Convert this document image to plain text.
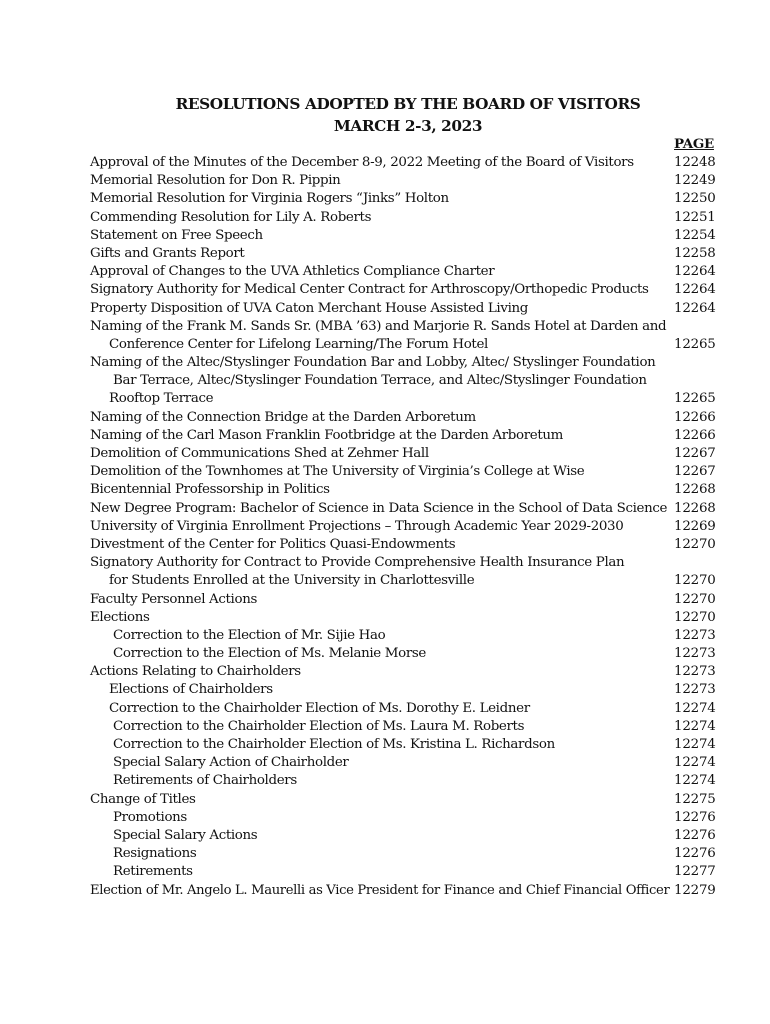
RESOLUTIONS ADOPTED BY THE BOARD OF VISITORS
MARCH 2-3, 2023
PAGE
Approval of the Minutes of the December 8-9, 2022 Meeting of the Board of Visitors	12248
Memorial Resolution for Don R. Pippin	12249
Memorial Resolution for Virginia Rogers “Jinks” Holton	12250
Commending Resolution for Lily A. Roberts	12251
Statement on Free Speech	12254
Gifts and Grants Report	12258
Approval of Changes to the UVA Athletics Compliance Charter	12264
Signatory Authority for Medical Center Contract for Arthroscopy/Orthopedic Products 12264
Property Disposition of UVA Caton Merchant House Assisted Living	12264
Naming of the Frank M. Sands Sr. (MBA ’63) and Marjorie R. Sands Hotel at Darden and
Conference Center for Lifelong Learning/The Forum Hotel	12265
Naming of the Altec/Styslinger Foundation Bar and Lobby, Altec/ Styslinger Foundation
Bar Terrace, Altec/Styslinger Foundation Terrace, and Altec/Styslinger Foundation
Rooftop Terrace	12265
Naming of the Connection Bridge at the Darden Arboretum	12266
Naming of the Carl Mason Franklin Footbridge at the Darden Arboretum	12266
Demolition of Communications Shed at Zehmer Hall	12267
Demolition of the Townhomes at The University of Virginia’s College at Wise	12267
Bicentennial Professorship in Politics	12268
New Degree Program: Bachelor of Science in Data Science in the School of Data Science 12268
University of Virginia Enrollment Projections – Through Academic Year 2029-2030	12269
Divestment of the Center for Politics Quasi-Endowments	12270
Signatory Authority for Contract to Provide Comprehensive Health Insurance Plan
for Students Enrolled at the University in Charlottesville	12270
Faculty Personnel Actions	12270
Elections	12270
Correction to the Election of Mr. Sijie Hao	12273
Correction to the Election of Ms. Melanie Morse	12273
Actions Relating to Chairholders	12273
Elections of Chairholders	12273
Correction to the Chairholder Election of Ms. Dorothy E. Leidner	12274
Correction to the Chairholder Election of Ms. Laura M. Roberts	12274
Correction to the Chairholder Election of Ms. Kristina L. Richardson	12274
Special Salary Action of Chairholder	12274
Retirements of Chairholders	12274
Change of Titles	12275
Promotions	12276
Special Salary Actions	12276
Resignations	12276
Retirements	12277
Election of Mr. Angelo L. Maurelli as Vice President for Finance and Chief Financial Officer 12279
